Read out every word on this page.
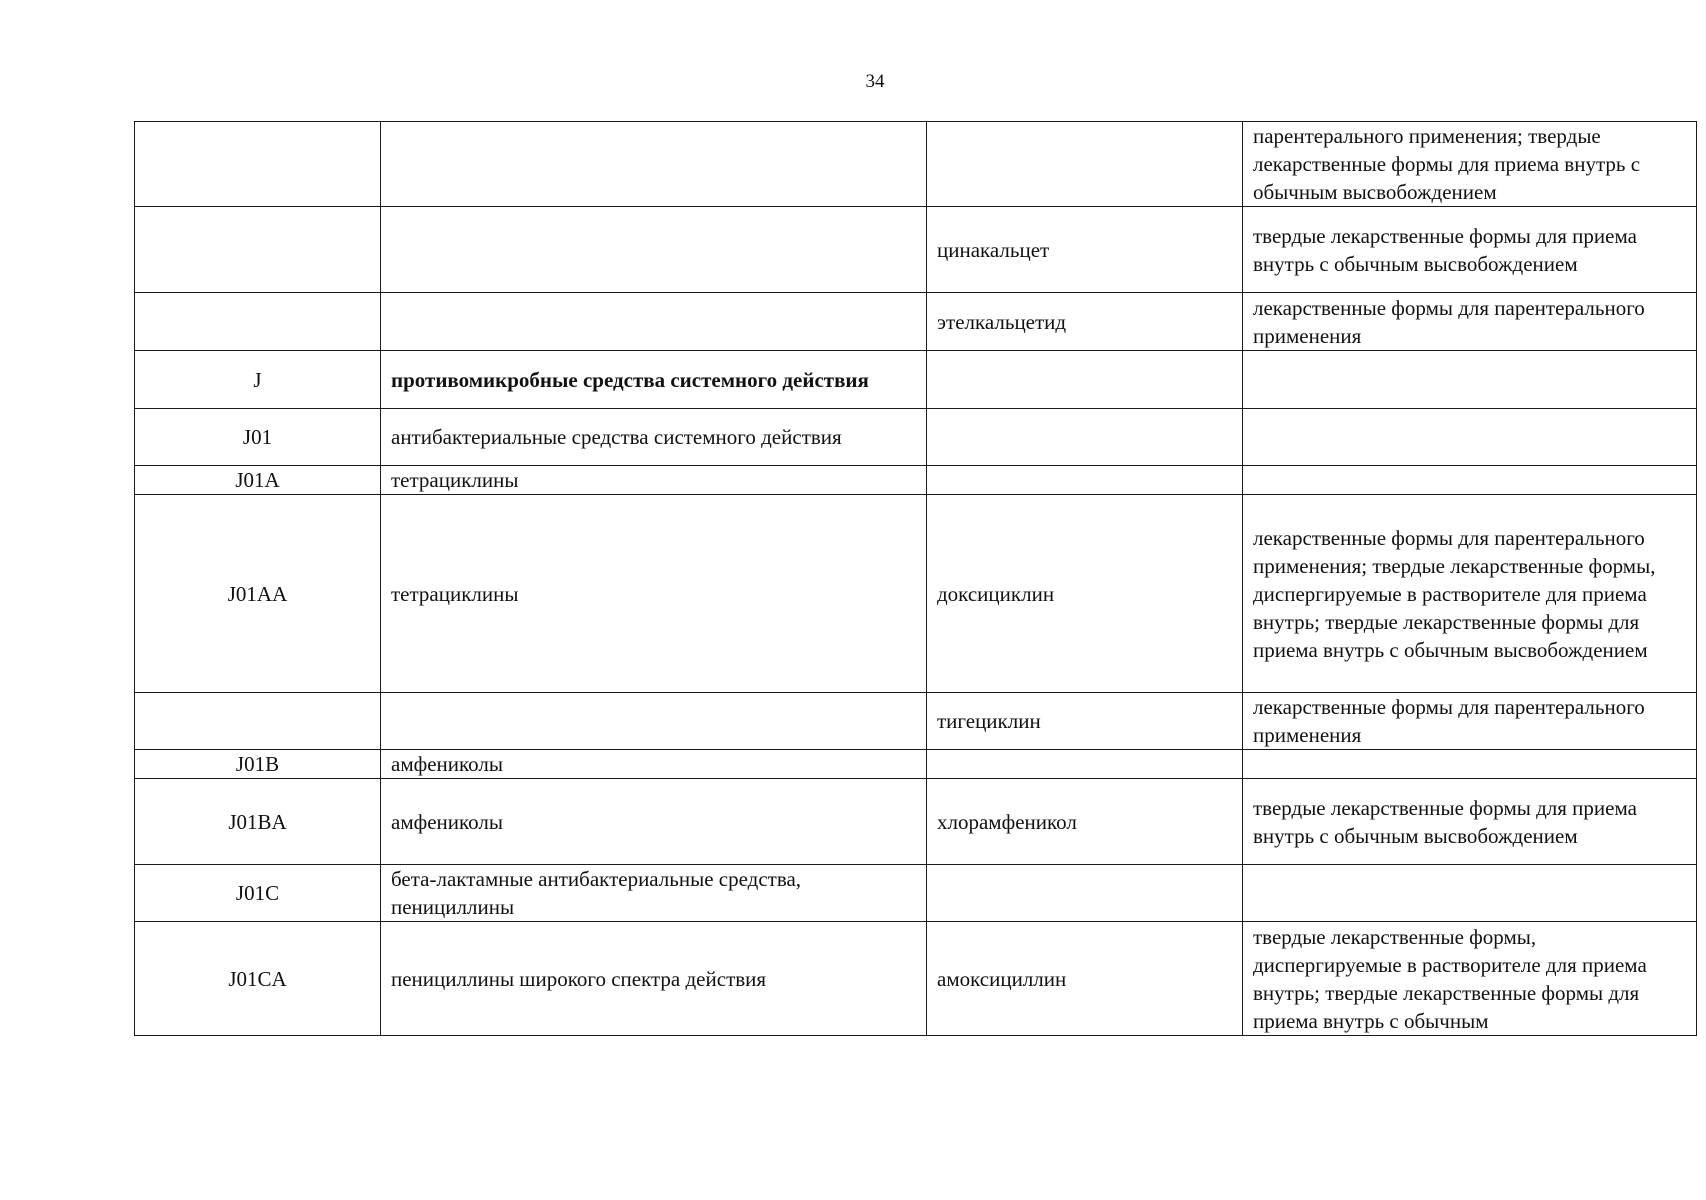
34
			парентерального применения; твердые лекарственные формы для приема внутрь с обычным высвобождением
		цинакальцет	твердые лекарственные формы для приема внутрь с обычным высвобождением
		этелкальцетид	лекарственные формы для парентерального применения
J	противомикробные средства системного действия		
J01	антибактериальные средства системного действия		
J01A	тетрациклины		
J01AA	тетрациклины	доксициклин	лекарственные формы для парентерального применения; твердые лекарственные формы, диспергируемые в растворителе для приема внутрь; твердые лекарственные формы для приема внутрь с обычным высвобождением
		тигециклин	лекарственные формы для парентерального применения
J01B	амфениколы		
J01BA	амфениколы	хлорамфеникол	твердые лекарственные формы для приема внутрь с обычным высвобождением
J01C	бета-лактамные антибактериальные средства, пенициллины		
J01CA	пенициллины широкого спектра действия	амоксициллин	твердые лекарственные формы, диспергируемые в растворителе для приема внутрь; твердые лекарственные формы для приема внутрь с обычным
